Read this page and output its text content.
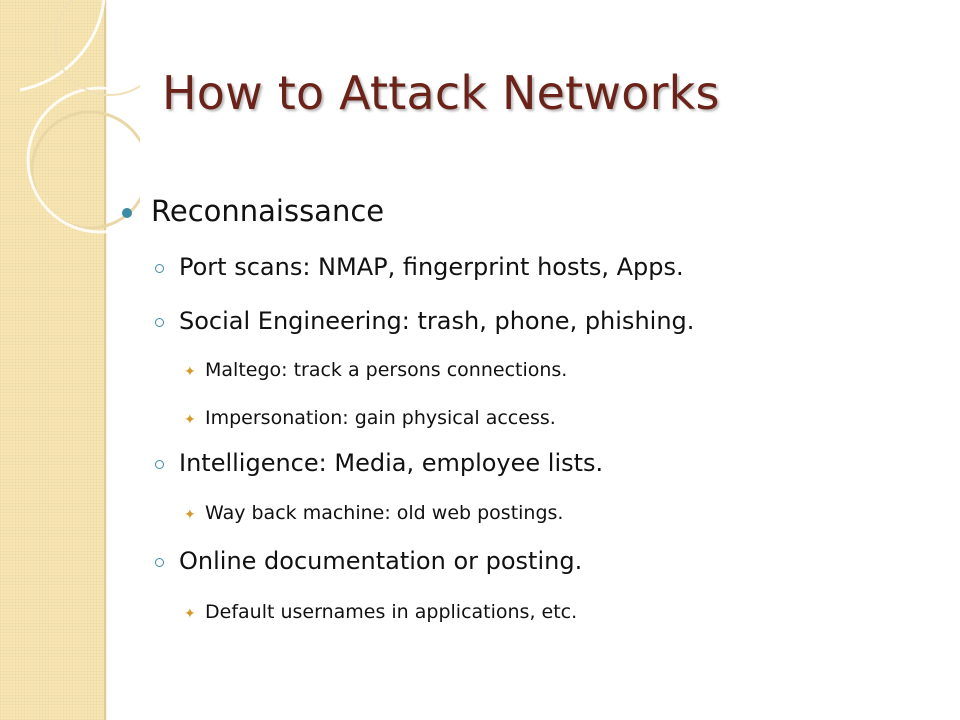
How to Attack Networks
Reconnaissance
Port scans: NMAP, fingerprint hosts, Apps.
Social Engineering: trash, phone, phishing.
✦ Maltego: track a persons connections.
✦ Impersonation: gain physical access.
Intelligence: Media, employee lists.
✦ Way back machine: old web postings.
Online documentation or posting.
✦ Default usernames in applications, etc.
